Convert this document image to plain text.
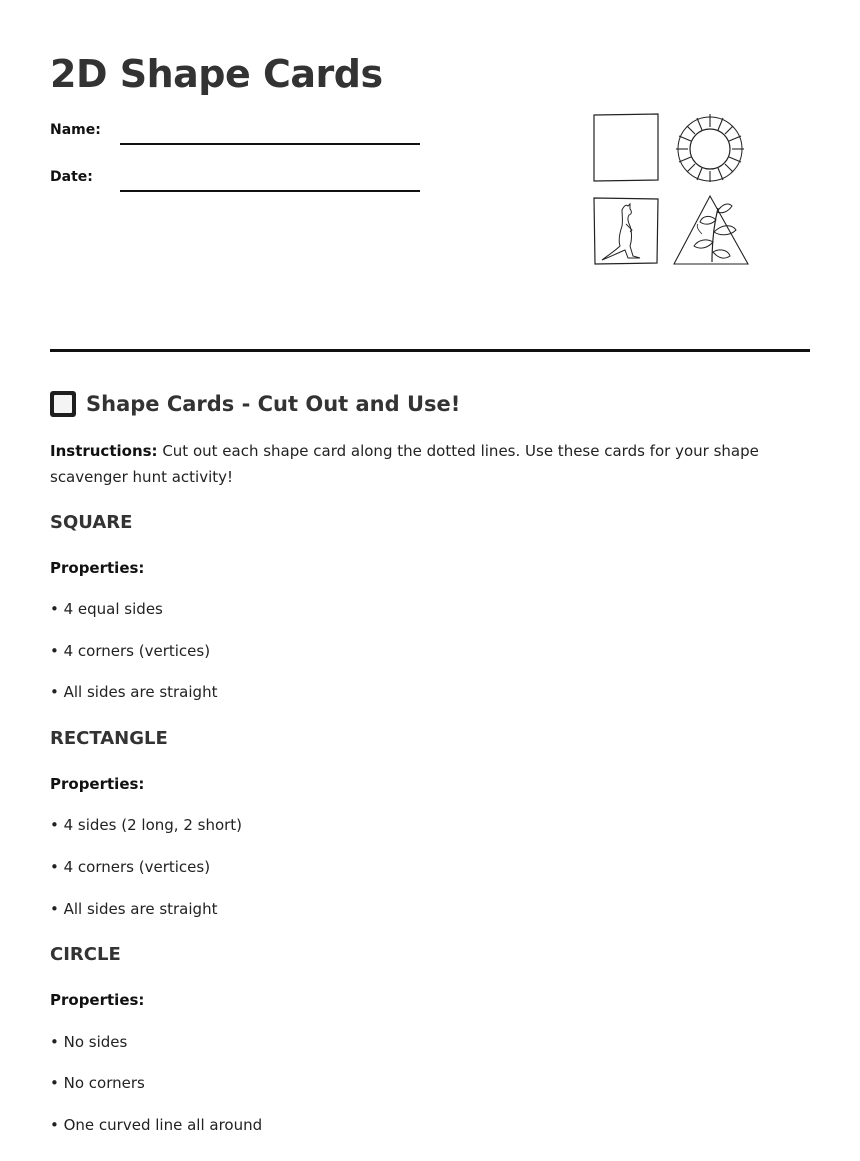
2D Shape Cards
Name:
Date:
Shape Cards - Cut Out and Use!

Instructions: Cut out each shape card along the dotted lines. Use these cards for your shape scavenger hunt activity!

SQUARE

Properties:

• 4 equal sides

• 4 corners (vertices)

• All sides are straight

RECTANGLE

Properties:

• 4 sides (2 long, 2 short)

• 4 corners (vertices)

• All sides are straight

CIRCLE

Properties:

• No sides

• No corners

• One curved line all around
